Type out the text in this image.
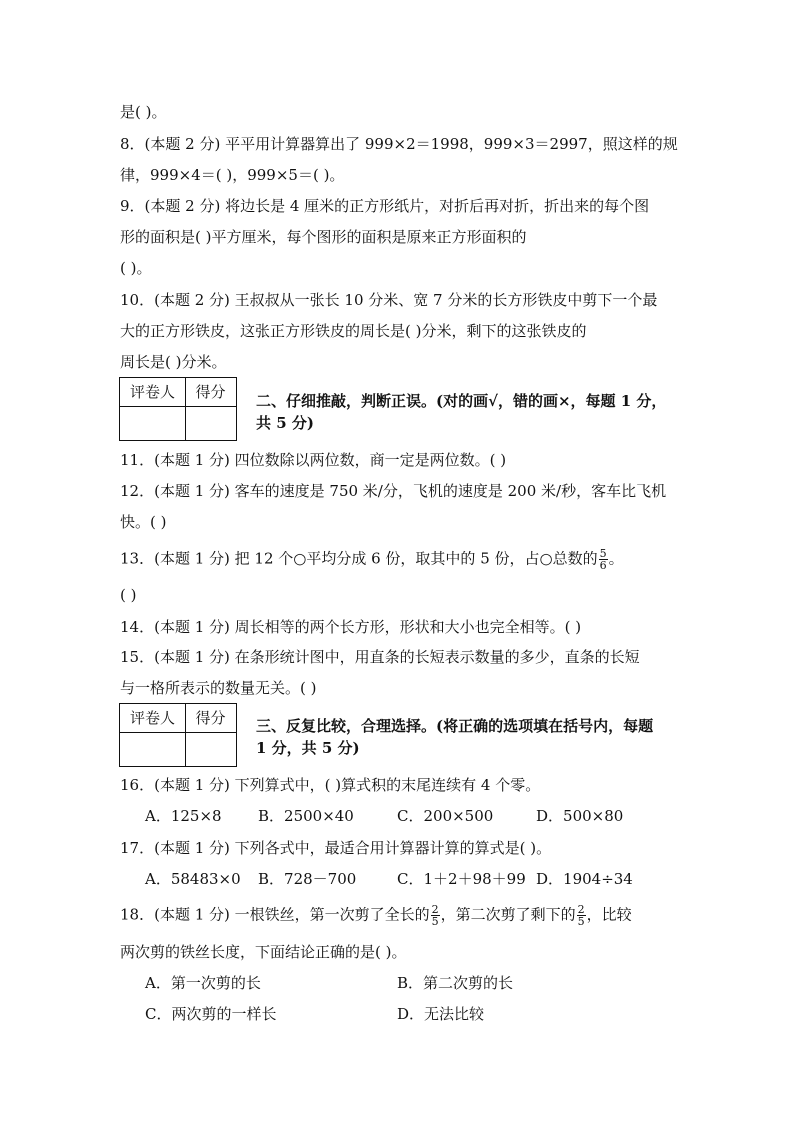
是( )。
8．(本题 2 分) 平平用计算器算出了 999×2＝1998，999×3＝2997，照这样的规
律，999×4＝( )，999×5＝( )。
9．(本题 2 分) 将边长是 4 厘米的正方形纸片，对折后再对折，折出来的每个图
形的面积是( )平方厘米，每个图形的面积是原来正方形面积的
( )。
10．(本题 2 分) 王叔叔从一张长 10 分米、宽 7 分米的长方形铁皮中剪下一个最
大的正方形铁皮，这张正方形铁皮的周长是( )分米，剩下的这张铁皮的
周长是( )分米。
评卷人	得分	二、仔细推敲，判断正误。(对的画√，错的画×，每题 1 分，
共 5 分)
11．(本题 1 分) 四位数除以两位数，商一定是两位数。( )
12．(本题 1 分) 客车的速度是 750 米/分，飞机的速度是 200 米/秒，客车比飞机
快。( )
13．(本题 1 分) 把 12 个○平均分成 6 份，取其中的 5 份，占○总数的 $\frac{5}{6}$ 。
( )
14．(本题 1 分) 周长相等的两个长方形，形状和大小也完全相等。( )
15．(本题 1 分) 在条形统计图中，用直条的长短表示数量的多少，直条的长短
与一格所表示的数量无关。( )
评卷人	得分	三、反复比较，合理选择。(将正确的选项填在括号内，每题
1 分，共 5 分)
16．(本题 1 分) 下列算式中，( )算式积的末尾连续有 4 个零。
A．125×8 B．2500×40	C．200×500	D．500×80
17．(本题 1 分) 下列各式中，最适合用计算器计算的算式是( )。
A．58483×0 B．728－700	C．1＋2＋98＋99 D．1904÷34
18．(本题 1 分) 一根铁丝，第一次剪了全长的 $\frac{2}{5}$ ，第二次剪了剩下的 $\frac{2}{5}$ ，比较
两次剪的铁丝长度，下面结论正确的是( )。
A．第一次剪的长	B．第二次剪的长
C．两次剪的一样长	D．无法比较
